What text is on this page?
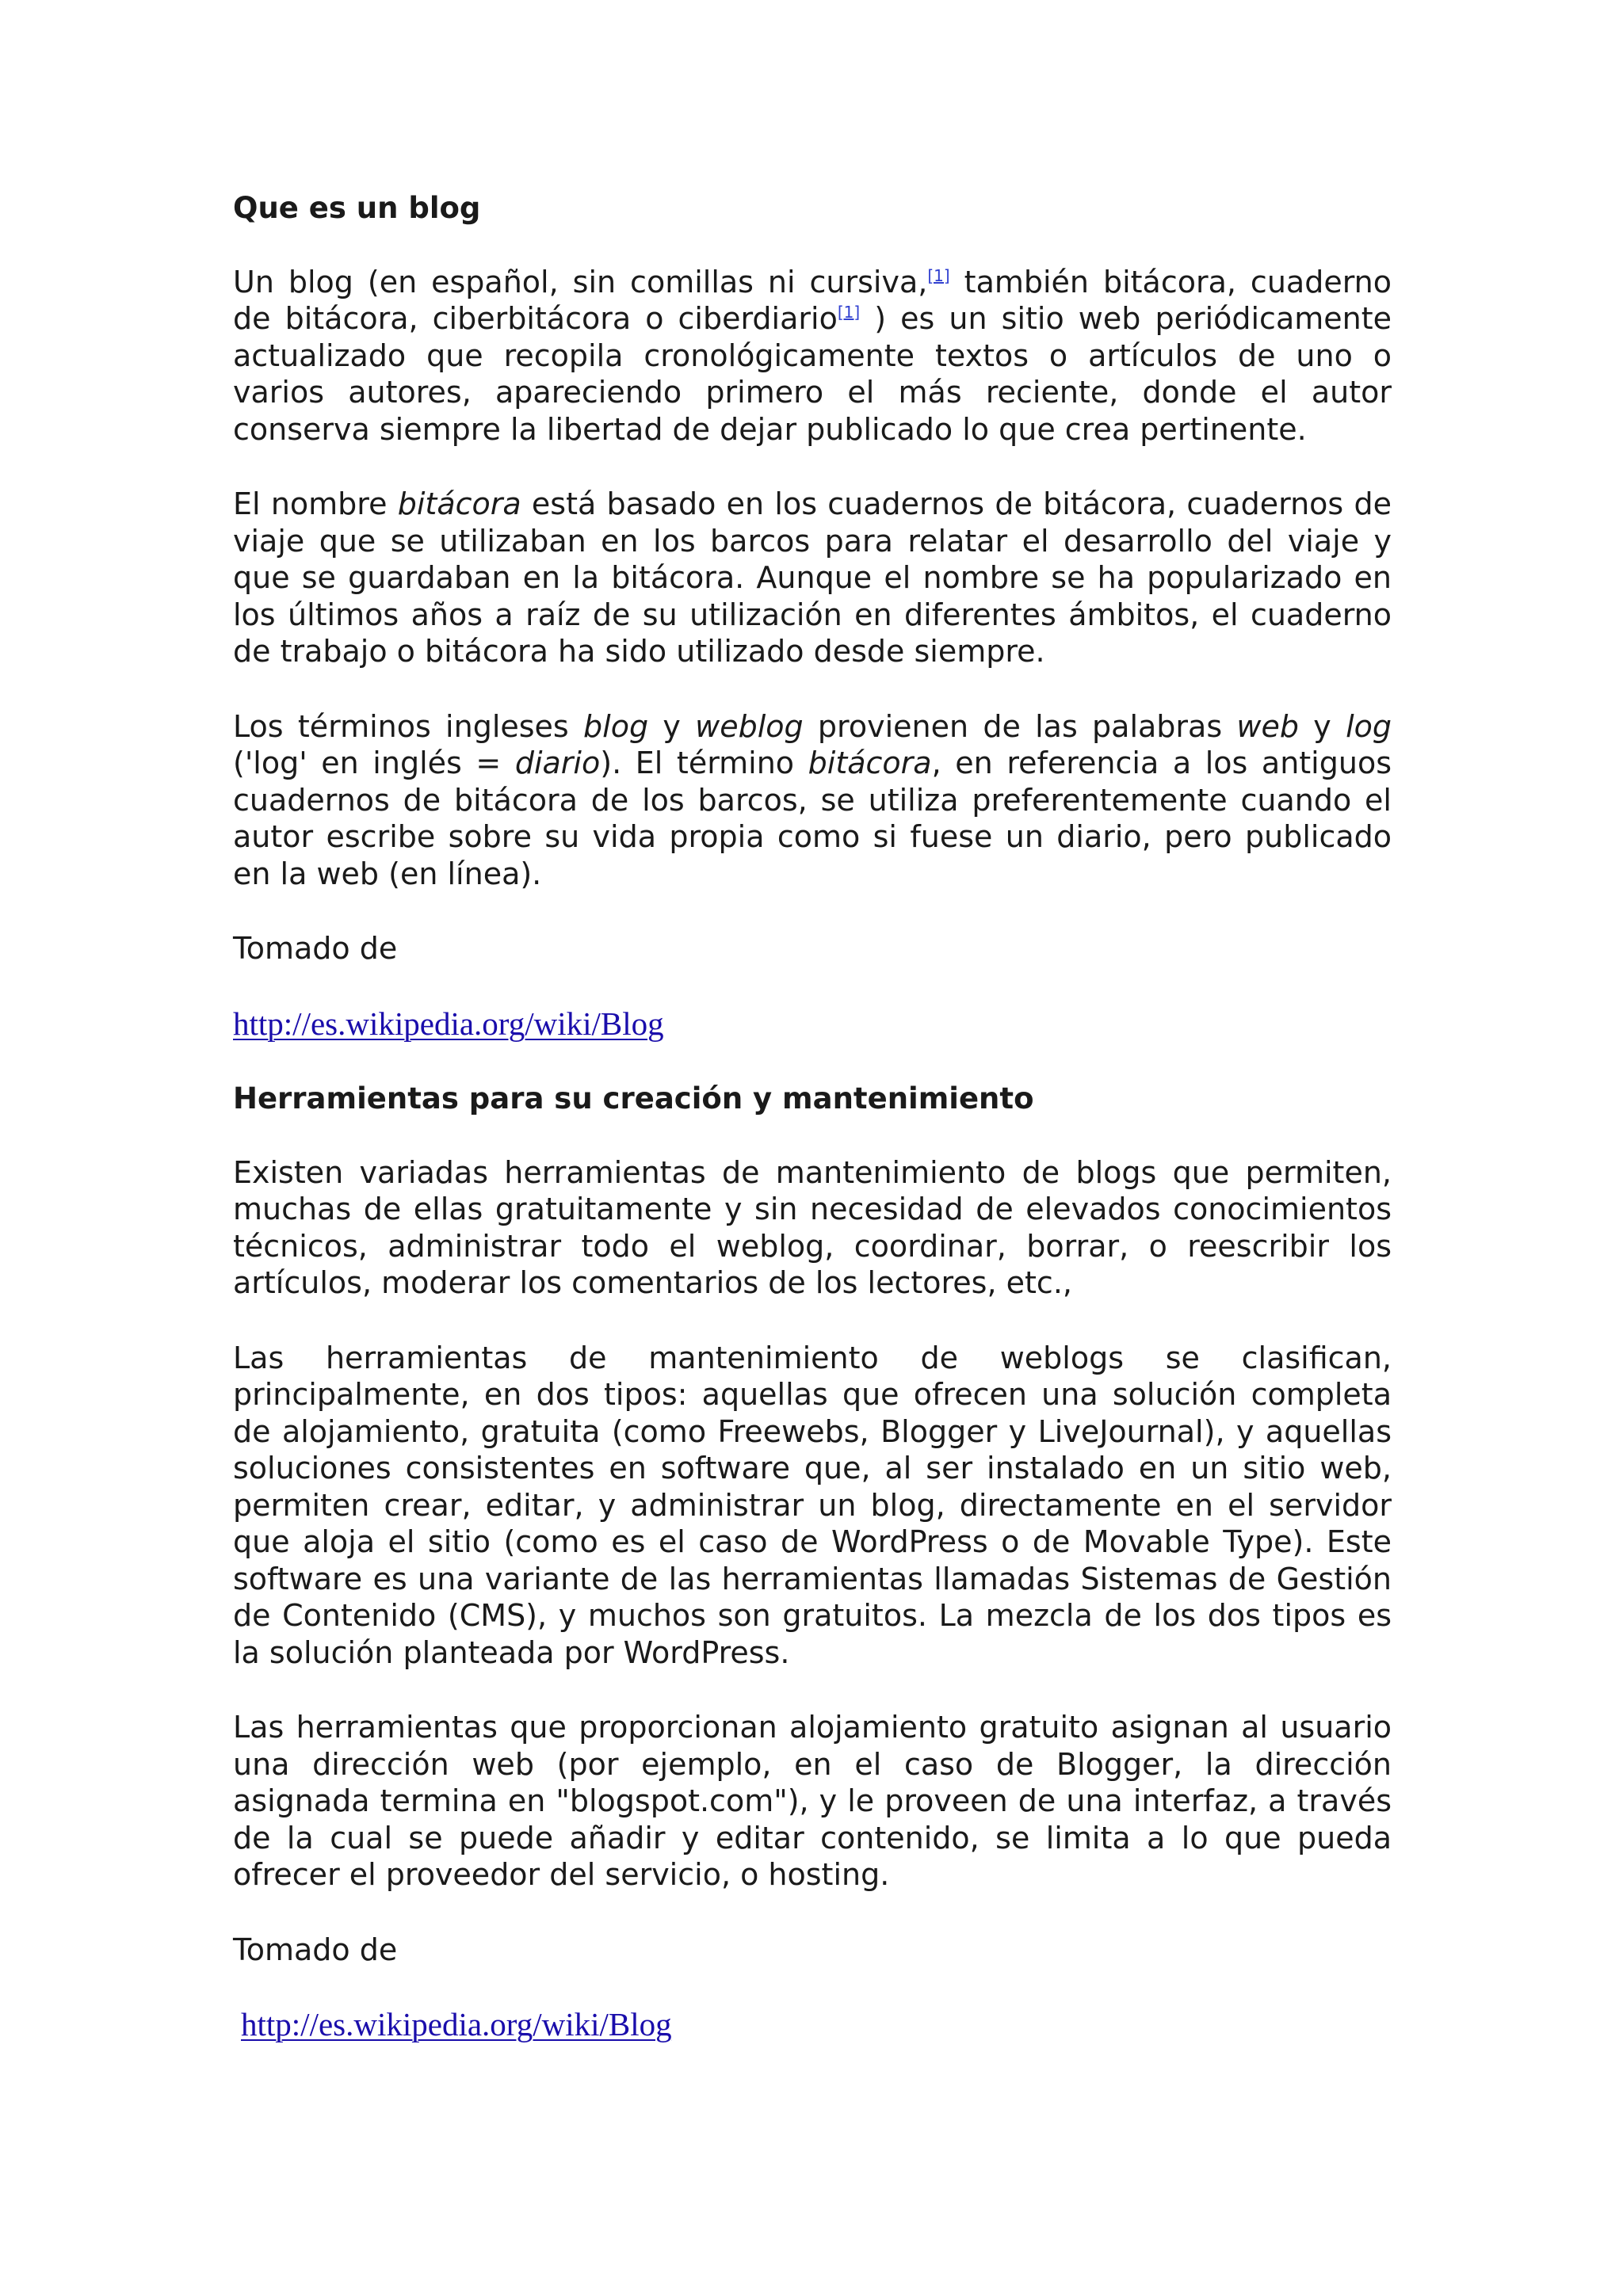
Que es un blog
Un blog (en español, sin comillas ni cursiva,[1] también bitácora, cuaderno de bitácora, ciberbitácora o ciberdiario[1] ) es un sitio web periódicamente actualizado que recopila cronológicamente textos o artículos de uno o varios autores, apareciendo primero el más reciente, donde el autor conserva siempre la libertad de dejar publicado lo que crea pertinente.
El nombre bitácora está basado en los cuadernos de bitácora, cuadernos de viaje que se utilizaban en los barcos para relatar el desarrollo del viaje y que se guardaban en la bitácora. Aunque el nombre se ha popularizado en los últimos años a raíz de su utilización en diferentes ámbitos, el cuaderno de trabajo o bitácora ha sido utilizado desde siempre.
Los términos ingleses blog y weblog provienen de las palabras web y log ('log' en inglés = diario). El término bitácora, en referencia a los antiguos cuadernos de bitácora de los barcos, se utiliza preferentemente cuando el autor escribe sobre su vida propia como si fuese un diario, pero publicado en la web (en línea).
Tomado de
http://es.wikipedia.org/wiki/Blog
Herramientas para su creación y mantenimiento
Existen variadas herramientas de mantenimiento de blogs que permiten, muchas de ellas gratuitamente y sin necesidad de elevados conocimientos técnicos, administrar todo el weblog, coordinar, borrar, o reescribir los artículos, moderar los comentarios de los lectores, etc.,
Las herramientas de mantenimiento de weblogs se clasifican, principalmente, en dos tipos: aquellas que ofrecen una solución completa de alojamiento, gratuita (como Freewebs, Blogger y LiveJournal), y aquellas soluciones consistentes en software que, al ser instalado en un sitio web, permiten crear, editar, y administrar un blog, directamente en el servidor que aloja el sitio (como es el caso de WordPress o de Movable Type). Este software es una variante de las herramientas llamadas Sistemas de Gestión de Contenido (CMS), y muchos son gratuitos. La mezcla de los dos tipos es la solución planteada por WordPress.
Las herramientas que proporcionan alojamiento gratuito asignan al usuario una dirección web (por ejemplo, en el caso de Blogger, la dirección asignada termina en "blogspot.com"), y le proveen de una interfaz, a través de la cual se puede añadir y editar contenido, se limita a lo que pueda ofrecer el proveedor del servicio, o hosting.
Tomado de
http://es.wikipedia.org/wiki/Blog
